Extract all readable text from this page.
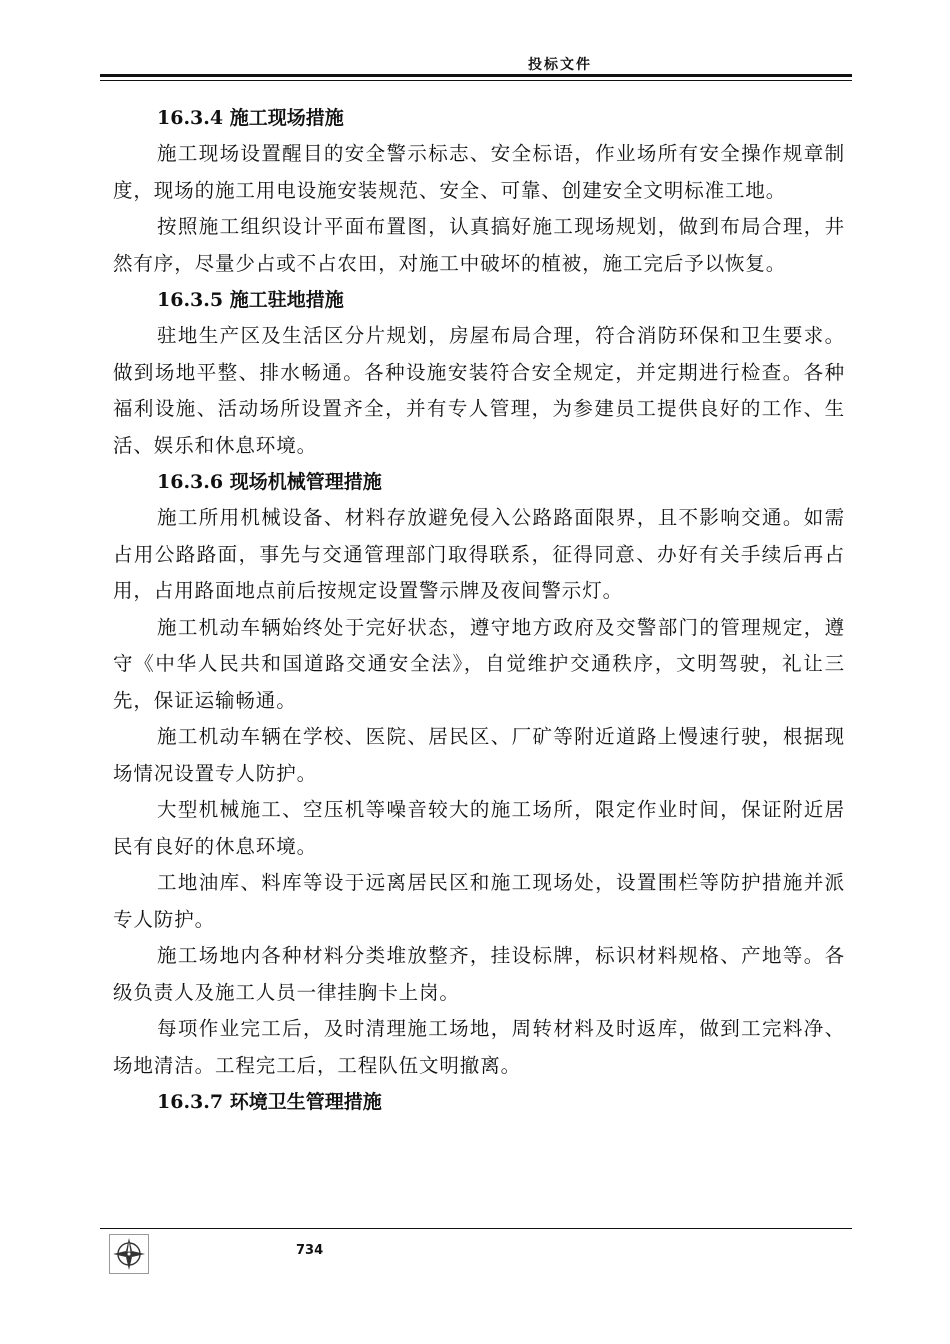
投标文件
16.3.4 施工现场措施

施工现场设置醒目的安全警示标志、安全标语，作业场所有安全操作规章制度，现场的施工用电设施安装规范、安全、可靠、创建安全文明标准工地。

按照施工组织设计平面布置图，认真搞好施工现场规划，做到布局合理，井然有序，尽量少占或不占农田，对施工中破坏的植被，施工完后予以恢复。

16.3.5 施工驻地措施

驻地生产区及生活区分片规划，房屋布局合理，符合消防环保和卫生要求。做到场地平整、排水畅通。各种设施安装符合安全规定，并定期进行检查。各种福利设施、活动场所设置齐全，并有专人管理，为参建员工提供良好的工作、生活、娱乐和休息环境。

16.3.6 现场机械管理措施

施工所用机械设备、材料存放避免侵入公路路面限界，且不影响交通。如需占用公路路面，事先与交通管理部门取得联系，征得同意、办好有关手续后再占用，占用路面地点前后按规定设置警示牌及夜间警示灯。

施工机动车辆始终处于完好状态，遵守地方政府及交警部门的管理规定，遵守《中华人民共和国道路交通安全法》，自觉维护交通秩序，文明驾驶，礼让三先，保证运输畅通。

施工机动车辆在学校、医院、居民区、厂矿等附近道路上慢速行驶，根据现场情况设置专人防护。

大型机械施工、空压机等噪音较大的施工场所，限定作业时间，保证附近居民有良好的休息环境。

工地油库、料库等设于远离居民区和施工现场处，设置围栏等防护措施并派专人防护。

施工场地内各种材料分类堆放整齐，挂设标牌，标识材料规格、产地等。各级负责人及施工人员一律挂胸卡上岗。

每项作业完工后，及时清理施工场地，周转材料及时返库，做到工完料净、场地清洁。工程完工后，工程队伍文明撤离。

16.3.7 环境卫生管理措施
734
